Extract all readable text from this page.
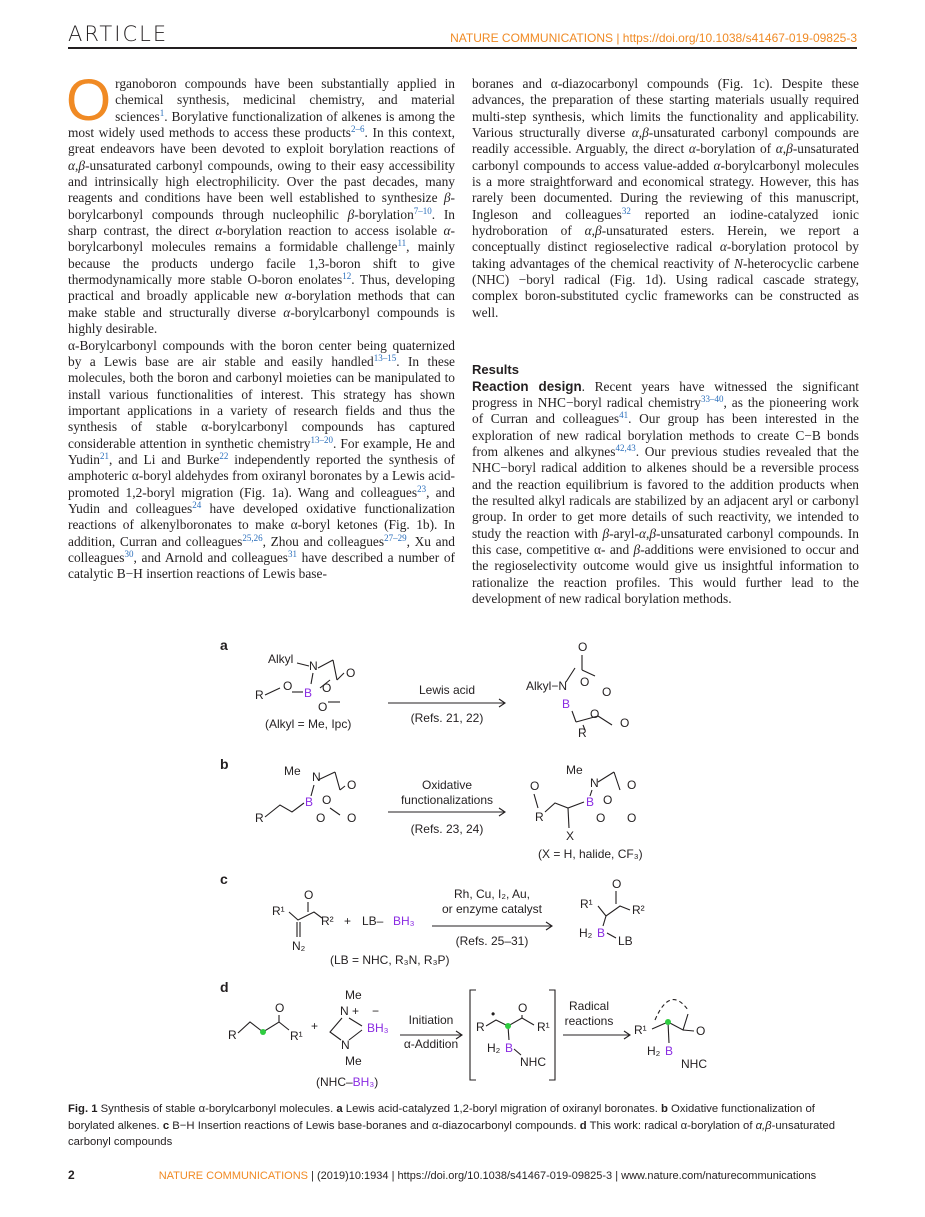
ARTICLE	NATURE COMMUNICATIONS | https://doi.org/10.1038/s41467-019-09825-3

Organoboron compounds have been substantially applied in chemical synthesis, medicinal chemistry, and material sciences$^1$. Borylative functionalization of alkenes is among the most widely used methods to access these products$^{2-6}$. In this context, great endeavors have been devoted to exploit borylation reactions of α,β-unsaturated carbonyl compounds, owing to their easy accessibility and intrinsically high electrophilicity. Over the past decades, many reagents and conditions have been well established to synthesize β-borylcarbonyl compounds through nucleophilic β-borylation$^{7-10}$. In sharp contrast, the direct α-borylation reaction to access isolable α-borylcarbonyl molecules remains a formidable challenge$^{11}$, mainly because the products undergo facile 1,3-boron shift to give thermodynamically more stable O-boron enolates$^{12}$. Thus, developing practical and broadly applicable new α-borylation methods that can make stable and structurally diverse α-borylcarbonyl compounds is highly desirable.

α-Borylcarbonyl compounds with the boron center being quaternized by a Lewis base are air stable and easily handled$^{13-15}$. In these molecules, both the boron and carbonyl moieties can be manipulated to install various functionalities of interest. This strategy has shown important applications in a variety of research fields and thus the synthesis of stable α-borylcarbonyl compounds has captured considerable attention in synthetic chemistry$^{13-20}$. For example, He and Yudin$^{21}$, and Li and Burke$^{22}$ independently reported the synthesis of amphoteric α-boryl aldehydes from oxiranyl boronates by a Lewis acid-promoted 1,2-boryl migration (Fig. 1a). Wang and colleagues$^{23}$, and Yudin and colleagues$^{24}$ have developed oxidative functionalization reactions of alkenylboronates to make α-boryl ketones (Fig. 1b). In addition, Curran and colleagues$^{25,26}$, Zhou and colleagues$^{27-29}$, Xu and colleagues$^{30}$, and Arnold and colleagues$^{31}$ have described a number of catalytic B−H insertion reactions of Lewis base-

boranes and α-diazocarbonyl compounds (Fig. 1c). Despite these advances, the preparation of these starting materials usually required multi-step synthesis, which limits the functionality and applicability. Various structurally diverse α,β-unsaturated carbonyl compounds are readily accessible. Arguably, the direct α-borylation of α,β-unsaturated carbonyl compounds to access value-added α-borylcarbonyl molecules is a more straightforward and economical strategy. However, this has rarely been documented. During the reviewing of this manuscript, Ingleson and colleagues$^{32}$ reported an iodine-catalyzed ionic hydroboration of α,β-unsaturated esters. Herein, we report a conceptually distinct regioselective radical α-borylation protocol by taking advantages of the chemical reactivity of N-heterocyclic carbene (NHC) −boryl radical (Fig. 1d). Using radical cascade strategy, complex boron-substituted cyclic frameworks can be constructed as well.

Results

Reaction design. Recent years have witnessed the significant progress in NHC−boryl radical chemistry$^{33-40}$, as the pioneering work of Curran and colleagues$^{41}$. Our group has been interested in the exploration of new radical borylation methods to create C−B bonds from alkenes and alkynes$^{42,43}$. Our previous studies revealed that the NHC−boryl radical addition to alkenes should be a reversible process and the reaction equilibrium is favored to the addition products when the resulted alkyl radicals are stabilized by an adjacent aryl or carbonyl group. In order to get more details of such reactivity, we intended to study the reaction with β-aryl-α,β-unsaturated carbonyl compounds. In this case, competitive α- and β-additions were envisioned to occur and the regioselectivity outcome would give us insightful information to rationalize the reaction profiles. This would further lead to the development of new radical borylation methods.

a
Alkyl N O
O
R	B O
O
(Alkyl = Me, Ipc)
Lewis acid
(Refs. 21, 22)
O
Alkyl−N O
O
B
O
R
O
b	Me N
O
B O
O O
R
Oxidative
functionalizations
(Refs. 23, 24)
Me
O	N O
R
B O
O O
X
(X = H, halide, CF₃)
c
R¹
O
R²
N₂
+ LB– BH₃
Rh, Cu, I₂, Au,
or enzyme catalyst
(Refs. 25–31)
(LB = NHC, R₃N, R₃P)
R¹
O
R²
H₂ B
LB
d
R
O
R¹
+
Me
N + −
BH₃
N
Me
(NHC–BH₃)
Initiation
α-Addition
R
• O
R¹
H₂ B
NHC
Radical
reactions
R¹	O
H₂ B
NHC
Fig. 1 Synthesis of stable α-borylcarbonyl molecules. a Lewis acid-catalyzed 1,2-boryl migration of oxiranyl boronates. b Oxidative functionalization of borylated alkenes. c B−H Insertion reactions of Lewis base-boranes and α-diazocarbonyl compounds. d This work: radical α-borylation of α,β-unsaturated carbonyl compounds
2	NATURE COMMUNICATIONS | (2019)10:1934 | https://doi.org/10.1038/s41467-019-09825-3 | www.nature.com/naturecommunications
